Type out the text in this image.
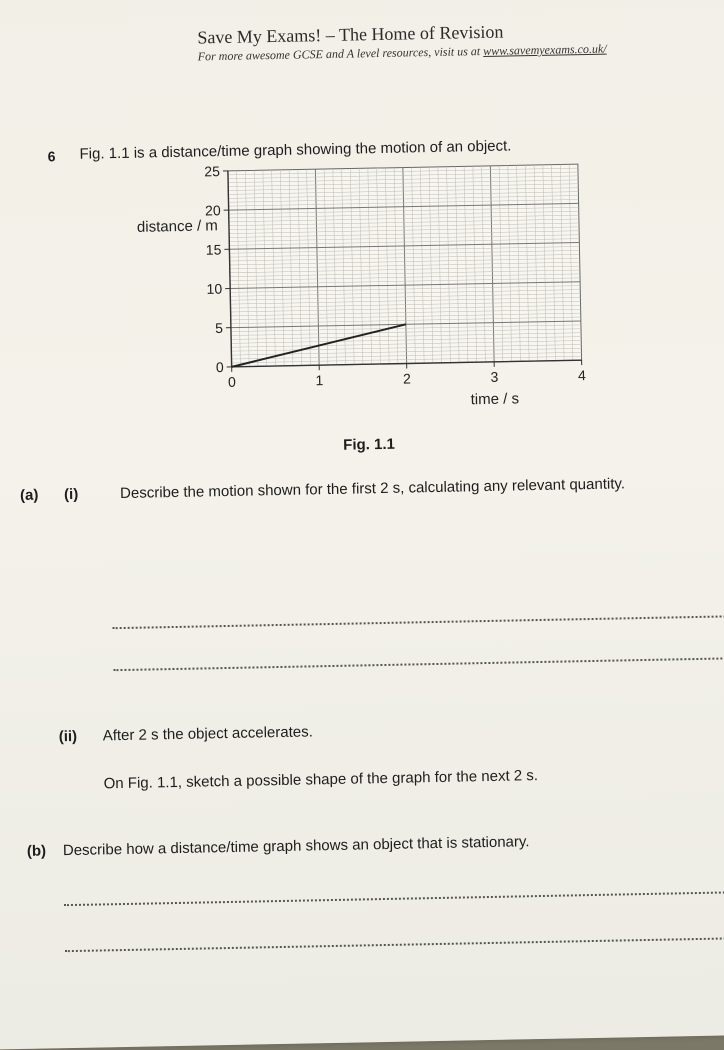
Save My Exams! – The Home of Revision
For more awesome GCSE and A level resources, visit us at www.savemyexams.co.uk/
6 Fig. 1.1 is a distance/time graph showing the motion of an object.
0
5
10
15
20
25
0	1	2	3	4
distance / m
time / s
Fig. 1.1
(a) (i)	Describe the motion shown for the first 2 s, calculating any relevant quantity.
(ii) After 2 s the object accelerates.
On Fig. 1.1, sketch a possible shape of the graph for the next 2 s.
(b) Describe how a distance/time graph shows an object that is stationary.
